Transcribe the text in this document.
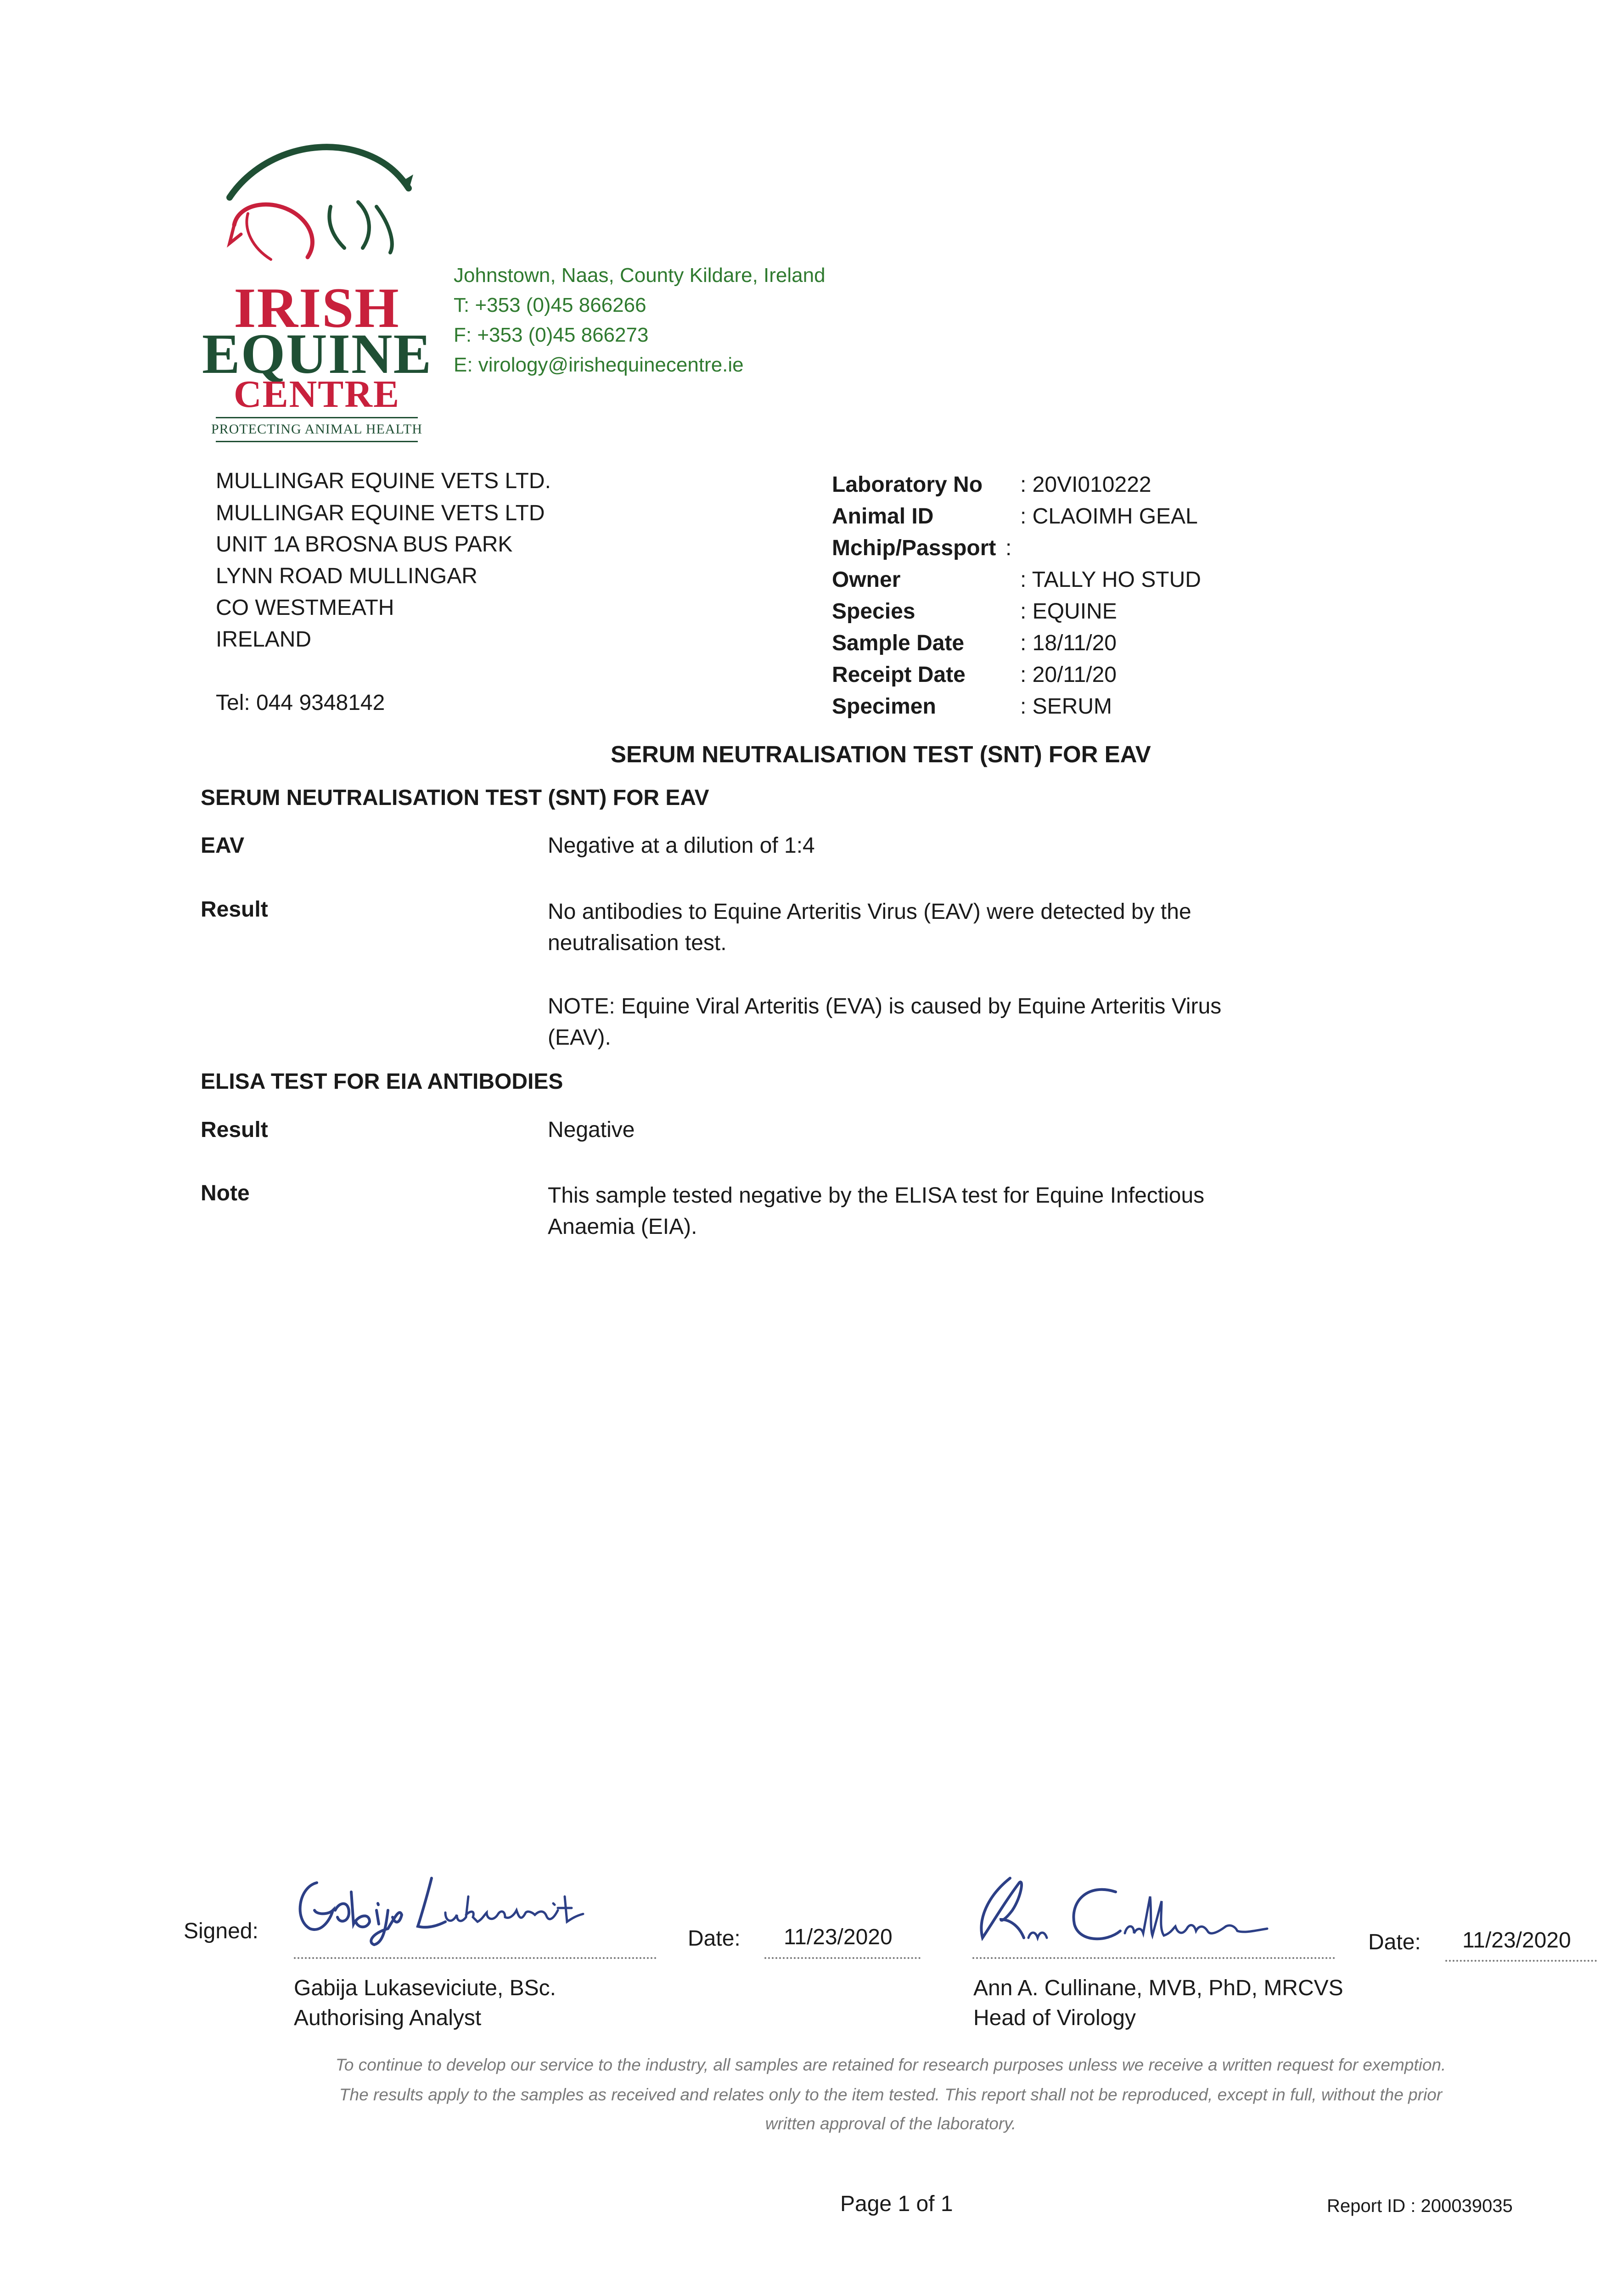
IRISH
EQUINE
CENTRE
PROTECTING ANIMAL HEALTH
Johnstown, Naas, County Kildare, Ireland
T: +353 (0)45 866266
F: +353 (0)45 866273
E: virology@irishequinecentre.ie
MULLINGAR EQUINE VETS LTD.
MULLINGAR EQUINE VETS LTD
UNIT 1A BROSNA BUS PARK
LYNN ROAD MULLINGAR
CO WESTMEATH
IRELAND
Tel: 044 9348142
Laboratory No : 20VI010222
Animal ID	: CLAOIMH GEAL
Mchip/Passport :
Owner	: TALLY HO STUD
Species	: EQUINE
Sample Date	: 18/11/20
Receipt Date : 20/11/20
Specimen	: SERUM
SERUM NEUTRALISATION TEST (SNT) FOR EAV
SERUM NEUTRALISATION TEST (SNT) FOR EAV
EAV	Negative at a dilution of 1:4
Result	No antibodies to Equine Arteritis Virus (EAV) were detected by the
neutralisation test.
NOTE: Equine Viral Arteritis (EVA) is caused by Equine Arteritis Virus
(EAV).
ELISA TEST FOR EIA ANTIBODIES
Result	Negative
Note	This sample tested negative by the ELISA test for Equine Infectious
Anaemia (EIA).
Signed:	Date: 11/23/2020
Gabija Lukaseviciute, BSc.
Authorising Analyst
Date: 11/23/2020
Ann A. Cullinane, MVB, PhD, MRCVS
Head of Virology
To continue to develop our service to the industry, all samples are retained for research purposes unless we receive a written request for exemption.
The results apply to the samples as received and relates only to the item tested. This report shall not be reproduced, except in full, without the prior
written approval of the laboratory.
Page 1 of 1	Report ID : 200039035
